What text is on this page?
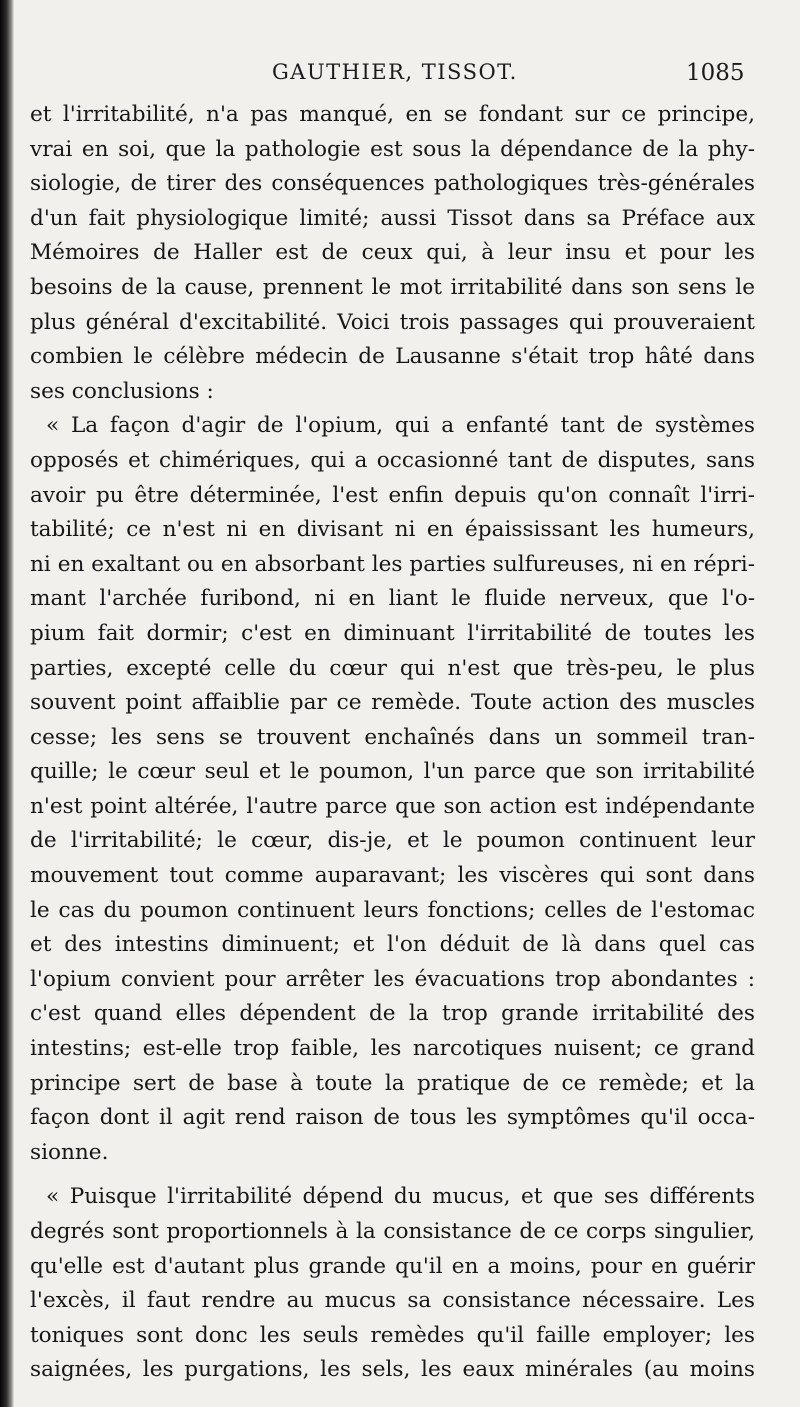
GAUTHIER, TISSOT.	1085
et l'irritabilité, n'a pas manqué, en se fondant sur ce principe,
vrai en soi, que la pathologie est sous la dépendance de la phy-
siologie, de tirer des conséquences pathologiques très-générales
d'un fait physiologique limité; aussi Tissot dans sa Préface aux
Mémoires de Haller est de ceux qui, à leur insu et pour les
besoins de la cause, prennent le mot irritabilité dans son sens le
plus général d'excitabilité. Voici trois passages qui prouveraient
combien le célèbre médecin de Lausanne s'était trop hâté dans
ses conclusions :
« La façon d'agir de l'opium, qui a enfanté tant de systèmes
opposés et chimériques, qui a occasionné tant de disputes, sans
avoir pu être déterminée, l'est enfin depuis qu'on connaît l'irri-
tabilité; ce n'est ni en divisant ni en épaississant les humeurs,
ni en exaltant ou en absorbant les parties sulfureuses, ni en répri-
mant l'archée furibond, ni en liant le fluide nerveux, que l'o-
pium fait dormir; c'est en diminuant l'irritabilité de toutes les
parties, excepté celle du cœur qui n'est que très-peu, le plus
souvent point affaiblie par ce remède. Toute action des muscles
cesse; les sens se trouvent enchaînés dans un sommeil tran-
quille; le cœur seul et le poumon, l'un parce que son irritabilité
n'est point altérée, l'autre parce que son action est indépendante
de l'irritabilité; le cœur, dis-je, et le poumon continuent leur
mouvement tout comme auparavant; les viscères qui sont dans
le cas du poumon continuent leurs fonctions; celles de l'estomac
et des intestins diminuent; et l'on déduit de là dans quel cas
l'opium convient pour arrêter les évacuations trop abondantes :
c'est quand elles dépendent de la trop grande irritabilité des
intestins; est-elle trop faible, les narcotiques nuisent; ce grand
principe sert de base à toute la pratique de ce remède; et la
façon dont il agit rend raison de tous les symptômes qu'il occa-
sionne.
« Puisque l'irritabilité dépend du mucus, et que ses différents
degrés sont proportionnels à la consistance de ce corps singulier,
qu'elle est d'autant plus grande qu'il en a moins, pour en guérir
l'excès, il faut rendre au mucus sa consistance nécessaire. Les
toniques sont donc les seuls remèdes qu'il faille employer; les
saignées, les purgations, les sels, les eaux minérales (au moins
